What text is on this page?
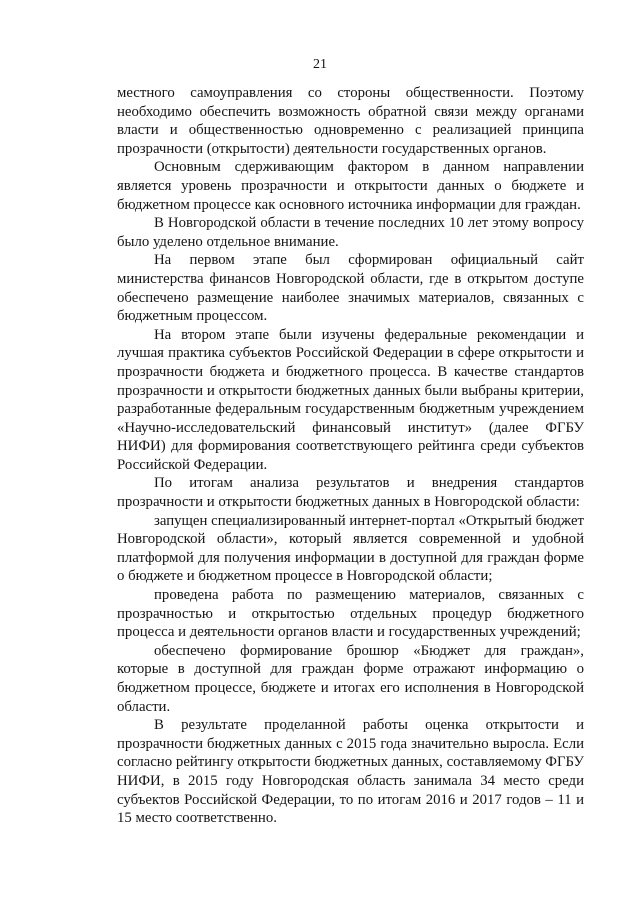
21

местного самоуправления со стороны общественности. Поэтому необходимо обеспечить возможность обратной связи между органами власти и общественностью одновременно с реализацией принципа прозрачности (открытости) деятельности государственных органов.

Основным сдерживающим фактором в данном направлении является уровень прозрачности и открытости данных о бюджете и бюджетном процессе как основного источника информации для граждан.

В Новгородской области в течение последних 10 лет этому вопросу было уделено отдельное внимание.

На первом этапе был сформирован официальный сайт министерства финансов Новгородской области, где в открытом доступе обеспечено размещение наиболее значимых материалов, связанных с бюджетным процессом.

На втором этапе были изучены федеральные рекомендации и лучшая практика субъектов Российской Федерации в сфере открытости и прозрачности бюджета и бюджетного процесса. В качестве стандартов прозрачности и открытости бюджетных данных были выбраны критерии, разработанные федеральным государственным бюджетным учреждением «Научно-исследовательский финансовый институт» (далее ФГБУ НИФИ) для формирования соответствующего рейтинга среди субъектов Российской Федерации.

По итогам анализа результатов и внедрения стандартов прозрачности и открытости бюджетных данных в Новгородской области:

запущен специализированный интернет-портал «Открытый бюджет Новгородской области», который является современной и удобной платформой для получения информации в доступной для граждан форме о бюджете и бюджетном процессе в Новгородской области;

проведена работа по размещению материалов, связанных с прозрачностью и открытостью отдельных процедур бюджетного процесса и деятельности органов власти и государственных учреждений;

обеспечено формирование брошюр «Бюджет для граждан», которые в доступной для граждан форме отражают информацию о бюджетном процессе, бюджете и итогах его исполнения в Новгородской области.

В результате проделанной работы оценка открытости и прозрачности бюджетных данных с 2015 года значительно выросла. Если согласно рейтингу открытости бюджетных данных, составляемому ФГБУ НИФИ, в 2015 году Новгородская область занимала 34 место среди субъектов Российской Федерации, то по итогам 2016 и 2017 годов – 11 и 15 место соответственно.
